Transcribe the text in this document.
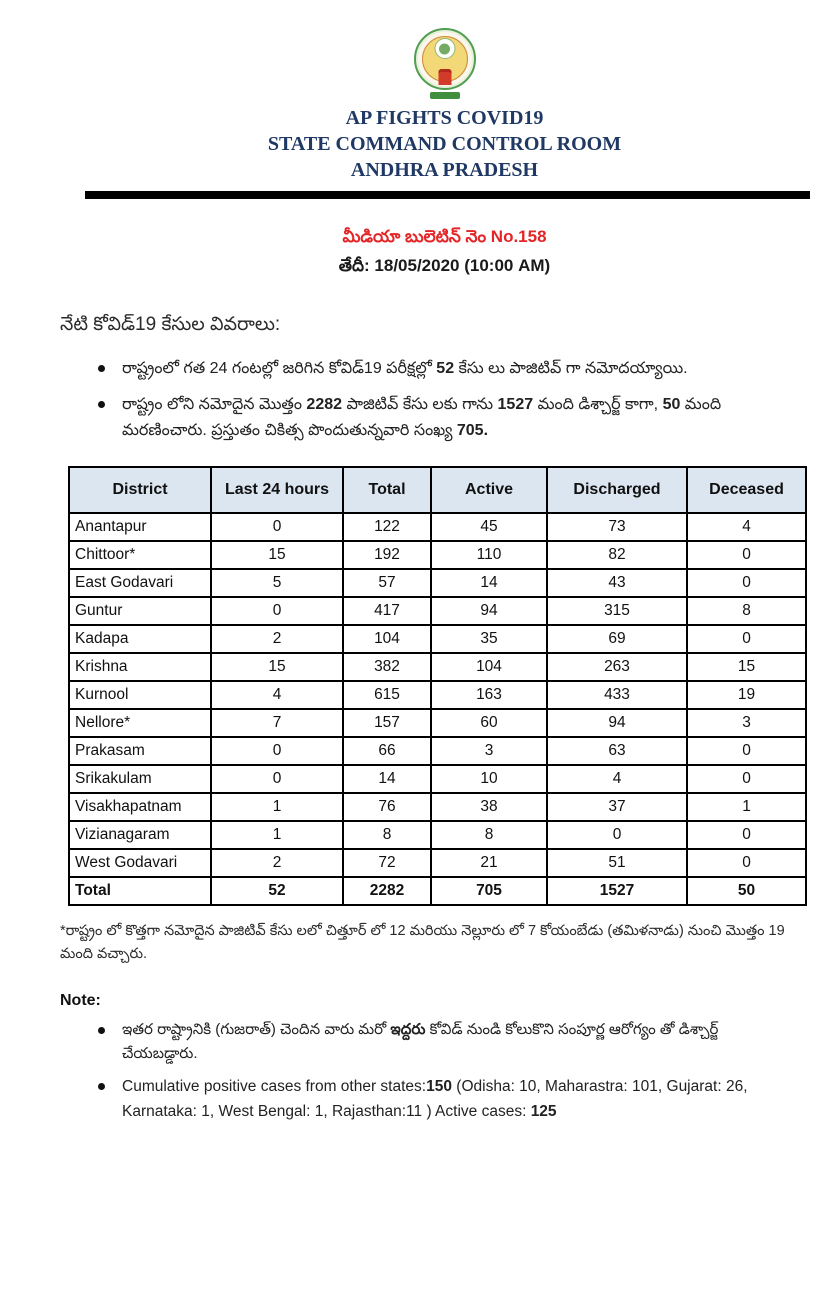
AP FIGHTS COVID19
STATE COMMAND CONTROL ROOM
ANDHRA PRADESH
మీడియా బులెటిన్ నెం No.158
తేదీ: 18/05/2020 (10:00 AM)
నేటి కోవిడ్19 కేసుల వివరాలు:
రాష్ట్రంలో గత 24 గంటల్లో జరిగిన కోవిడ్19 పరీక్షల్లో 52 కేసు లు పాజిటివ్ గా నమోదయ్యాయి.
రాష్ట్రం లోని నమోదైన మొత్తం 2282 పాజిటివ్ కేసు లకు గాను 1527 మంది డిశ్చార్జ్ కాగా, 50 మంది మరణించారు. ప్రస్తుతం చికిత్స పొందుతున్నవారి సంఖ్య 705.
District	Last 24 hours	Total	Active	Discharged	Deceased
Anantapur	0	122	45	73	4
Chittoor*	15	192	110	82	0
East Godavari	5	57	14	43	0
Guntur	0	417	94	315	8
Kadapa	2	104	35	69	0
Krishna	15	382	104	263	15
Kurnool	4	615	163	433	19
Nellore*	7	157	60	94	3
Prakasam	0	66	3	63	0
Srikakulam	0	14	10	4	0
Visakhapatnam	1	76	38	37	1
Vizianagaram	1	8	8	0	0
West Godavari	2	72	21	51	0
Total	52	2282	705	1527	50
*రాష్ట్రం లో కొత్తగా నమోదైన పాజిటివ్ కేసు లలో చిత్తూర్ లో 12 మరియు నెల్లూరు లో 7 కోయంబేడు (తమిళనాడు) నుంచి మొత్తం 19 మంది వచ్చారు.
Note:
ఇతర రాష్ట్రానికి (గుజరాత్) చెందిన వారు మరో ఇద్దరు కోవిడ్ నుండి కోలుకొని సంపూర్ణ ఆరోగ్యం తో డిశ్చార్జ్ చేయబడ్డారు.
Cumulative positive cases from other states:150 (Odisha: 10, Maharastra: 101, Gujarat: 26, Karnataka: 1, West Bengal: 1, Rajasthan:11 ) Active cases: 125
